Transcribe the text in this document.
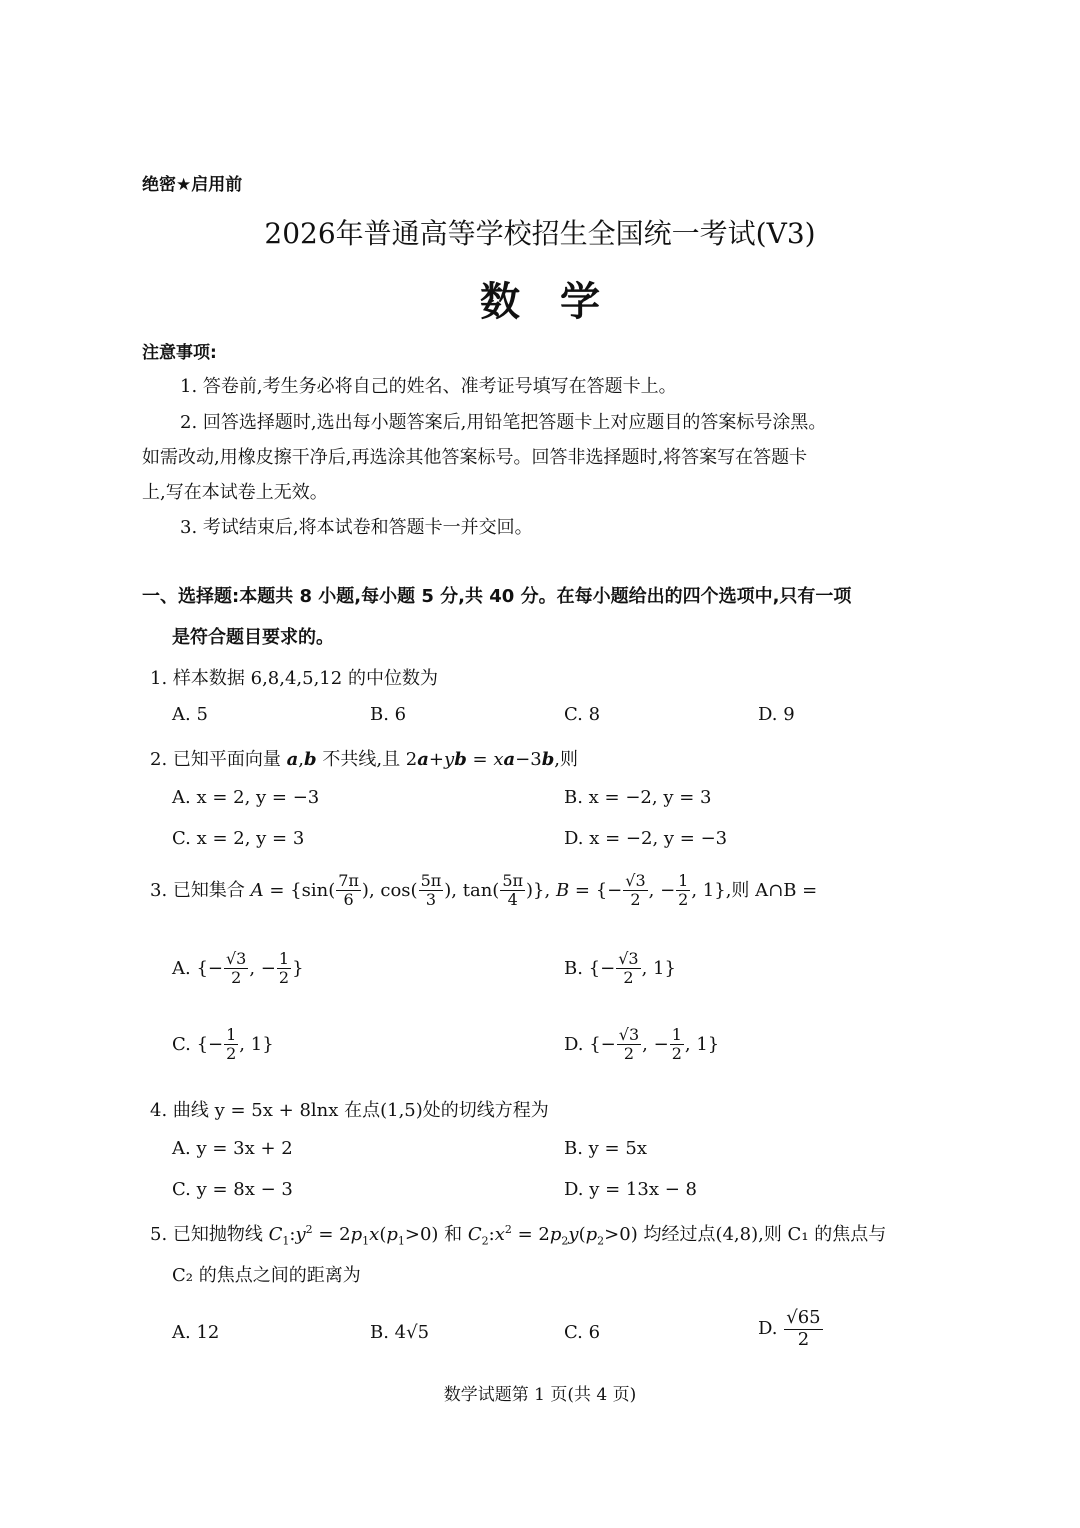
绝密★启用前
2026年普通高等学校招生全国统一考试(V3)
数学
注意事项:
1. 答卷前,考生务必将自己的姓名、准考证号填写在答题卡上。
2. 回答选择题时,选出每小题答案后,用铅笔把答题卡上对应题目的答案标号涂黑。
如需改动,用橡皮擦干净后,再选涂其他答案标号。回答非选择题时,将答案写在答题卡
上,写在本试卷上无效。
3. 考试结束后,将本试卷和答题卡一并交回。
一、选择题:本题共 8 小题,每小题 5 分,共 40 分。在每小题给出的四个选项中,只有一项
是符合题目要求的。
1. 样本数据 6,8,4,5,12 的中位数为
A. 5	B. 6	C. 8	D. 9
2. 已知平面向量 a,b 不共线,且 2a+yb = xa−3b,则
A. x = 2, y = −3	B. x = −2, y = 3
C. x = 2, y = 3	D. x = −2, y = −3
3. 已知集合 $A = \{\sin( \frac{7\pi}{6}$ ), $\cos( \frac{5\pi}{3}$ ), $\tan( \frac{5\pi}{4}$ )}, B = {− $\frac{√3}{2}$ , − $\frac{1}{2}$ , 1},则 A∩B =
A. {− $\frac{√3}{2}$ , − $\frac{1}{2}$ }	B. {− $\frac{√3}{2}$ , 1}
C. {− $\frac{1}{2}$ , 1}	D. {− $\frac{√3}{2}$ , − $\frac{1}{2}$ , 1}
4. 曲线 y = 5x + 8lnx 在点(1,5)处的切线方程为
A. y = 3x + 2	B. y = 5x
C. y = 8x − 3	D. y = 13x − 8
5. 已知抛物线 $C_1:y^2 = 2p_1x(p_1>0)$ 和 $C_2:x^2 = 2p_2y(p_2>0)$ 均经过点(4,8),则 C₁ 的焦点与
C₂ 的焦点之间的距离为
A. 12	B. 4√5	C. 6	D. $\frac{√65}{2}$
数学试题第 1 页(共 4 页)
